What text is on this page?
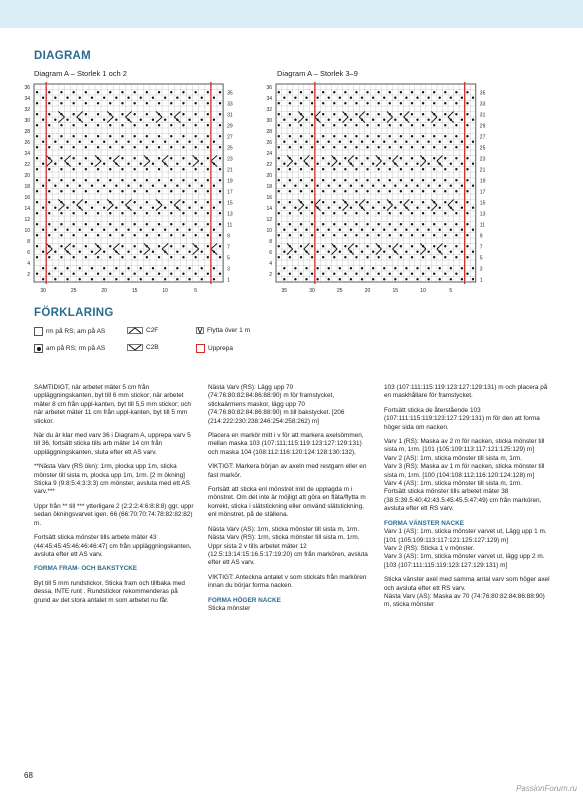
DIAGRAM
Diagram A – Storlek 1 och 2	Diagram A – Storlek 3–9
36
34
32
30
28
26
24
22
20
18
16
14
12
10
8
6
4
2
35
33
31
29
27
25
23
21
19
17
15
13
11
9
7
5
3
1
30	25	20	15	10	5
36
34
32
30
28
26
24
22
20
18
16
14
12
10
8
6
4
2
35
33
31
29
27
25
23
21
19
17
15
13
11
9
7
5
3
1
35	30	25	20	15	10	5
FÖRKLARING
rm på RS; am på AS	C2F	Flytta över 1 m
am på RS; rm på AS	C2B	Upprepa

SAMTIDIGT, när arbetet mäter 5 cm från uppläggningskanten, byt till 6 mm stickor; när arbetet mäter 8 cm från uppl-kanten, byt till 5,5 mm stickor; och när arbetet mäter 11 cm från uppl-kanten, byt till 5 mm stickor.

När du är klar med varv 36 i Diagram A, upprepa varv 5 till 36, fortsätt sticka tills arb mäter 14 cm från uppläggningskanten, sluta efter ett AS varv.

**Nästa Varv (RS ökn): 1rm, plocka upp 1m, sticka mönster till sista m, plocka upp 1m, 1rm. [2 m ökning] Sticka 9 (9:8:5:4:3:3:3) cm mönster, avsluta med ett AS varv.***

Uppr från ** till *** ytterligare 2 (2:2:2:4:6:8:8:8) ggr, uppr sedan ökningsvarvet igen. 66 (66:70:70:74:78:82:82:82) m.

Fortsätt sticka mönster tills arbete mäter 43 (44:45:45:45:46:46:46:47) cm från uppläggningskanten, avsluta efter ett AS varv.

FORMA FRAM- OCH BAKSTYCKE

Byt till 5 mm rundstickor. Sticka fram och tillbaka med dessa, INTE runt . Rundstickor rekommenderas på grund av det stora antalet m som arbetet nu får.

Nästa Varv (RS): Lägg upp 70 (74:76:80:82:84:86:88:90) m för framstycket, stickaärmens maskor, lägg upp 70 (74:76:80:82:84:86:88:90) m till bakstycket. [206 (214:222:230:238:246:254:258:262) m]

Placera en markör mitt i v för att markera axelsömmen, mellan maska 103 (107:111:115:119:123:127:129:131) och maska 104 (108:112:116:120:124:128:130:132).

VIKTIGT: Markera början av axeln med restgarn eller en fast markör.

Fortsätt att sticka enl mönstret inkl de upplagda m i mönstret. Om det inte är möjligt att göra en fläta/flytta m korrekt, sticka i slätstickning eller omvänd slätstickning, enl mönstret, på de ställena.

Nästa Varv (AS): 1rm, sticka mönster till sista m, 1rm.

Nästa Varv (RS): 1rm, sticka mönster till sista m, 1rm.

Uppr sista 2 v tills arbetet mäter 12 (12.5:13:14:15:16.5:17:19:20) cm från markören, avsluta efter ett AS varv.

VIKTIGT: Anteckna antalet v som stickats från markören innan du börjar forma nacken.

FORMA HÖGER NACKE

Sticka mönster

103 (107:111:115:119:123:127:129:131) m och placera på en maskhållare för framstycket.

Fortsätt sticka de återstående 103 (107:111:115:119:123:127:129:131) m för den att forma höger sida om nacken.

Varv 1 (RS): Maska av 2 m för nacken, sticka mönster till sista m, 1rm. [101 (105:109:113:117:121:125:129) m]

Varv 2 (AS): 1rm, sticka mönster till sista m, 1rm.

Varv 3 (RS): Maska av 1 m för nacken, sticka mönster till sista m, 1rm. [100 (104:108:112:116:120:124:128) m]

Varv 4 (AS): 1rm, sticka mönster till sista m, 1rm.

Fortsätt sticka mönster tills arbetet mäter 38 (38.5:39.5:40:42:43.5:45:45.5:47:49) cm från markören, avsluta efter ett RS varv.

FORMA VÄNSTER NACKE

Varv 1 (AS): 1rm, sticka mönster varvet ut, Lägg upp 1 m. [101 (105:109:113:117:121:125:127:129) m]

Varv 2 (RS): Sticka 1 v mönster.

Varv 3 (AS): 1rm, sticka mönster varvet ut, lägg upp 2 m. [103 (107:111:115:119:123:127:129:131) m]

Sticka vänster axel med samma antal varv som höger axel och avsluta efter ett RS varv.

Nästa Varv (AS): Maska av 70 (74:76:80:82:84:86:88:90) m, sticka mönster

68
PassionForum.ru
